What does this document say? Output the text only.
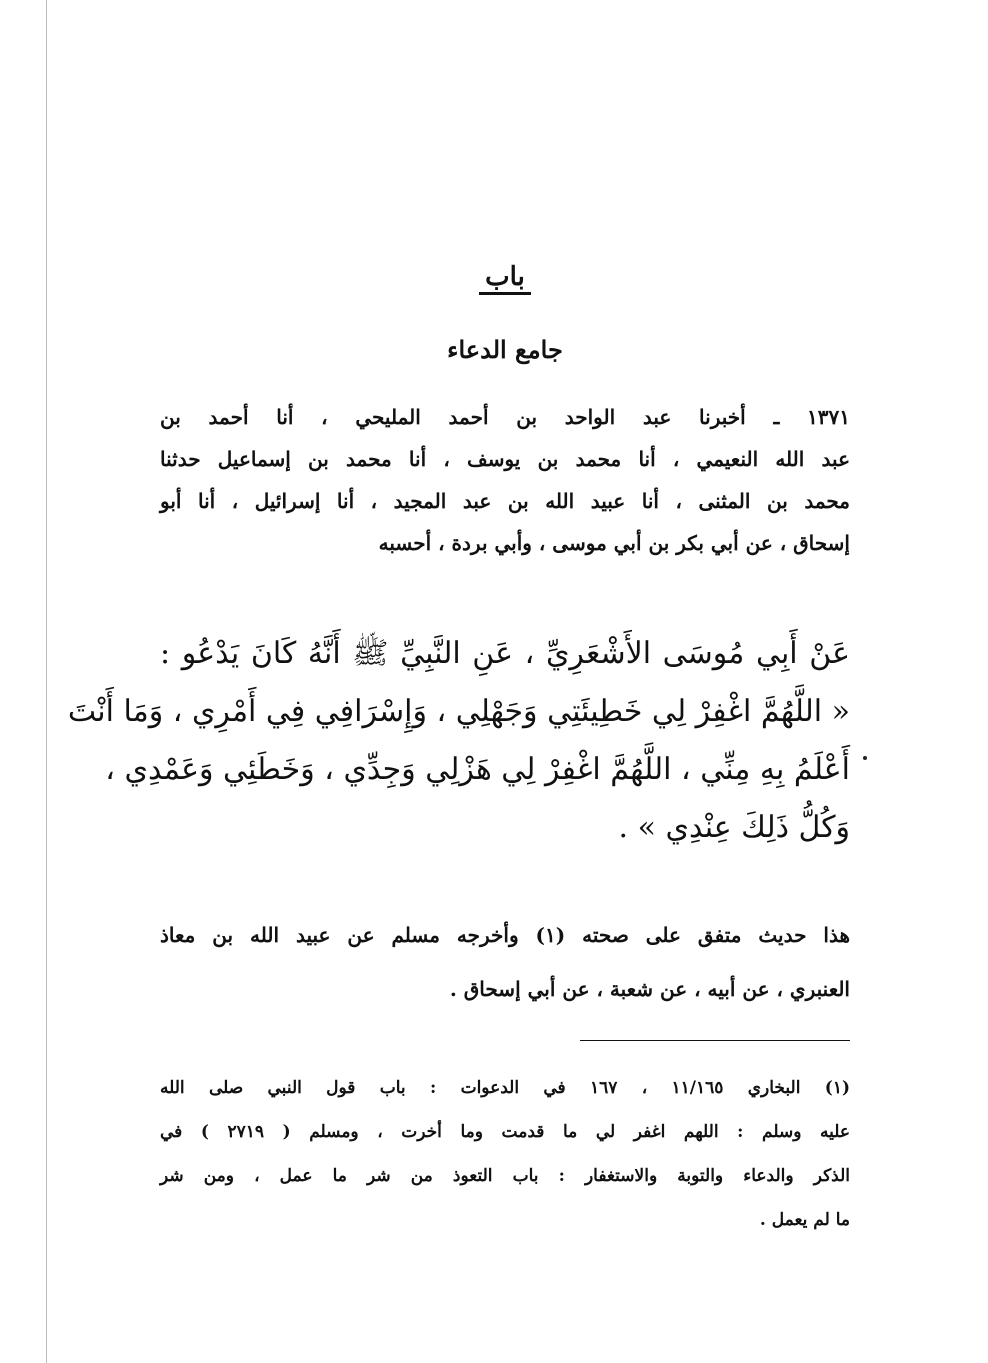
باب
جامع الدعاء
١٣٧١ ـ أخبرنا عبد الواحد بن أحمد المليحي ، أنا أحمد بن
عبد الله النعيمي ، أنا محمد بن يوسف ، أنا محمد بن إسماعيل حدثنا
محمد بن المثنى ، أنا عبيد الله بن عبد المجيد ، أنا إسرائيل ، أنا أبو
إسحاق ، عن أبي بكر بن أبي موسى ، وأبي بردة ، أحسبه
عَنْ أَبِي مُوسَى الأَشْعَرِيِّ ، عَنِ النَّبِيِّ ﷺ أَنَّهُ كَانَ يَدْعُو :
« اللَّهُمَّ اغْفِرْ لِي خَطِيئَتِي وَجَهْلِي ، وَإِسْرَافِي فِي أَمْرِي ، وَمَا أَنْتَ
أَعْلَمُ بِهِ مِنِّي ، اللَّهُمَّ اغْفِرْ لِي هَزْلِي وَجِدِّي ، وَخَطَئِي وَعَمْدِي ،
وَكُلُّ ذَلِكَ عِنْدِي » .
هذا حديث متفق على صحته (١) وأخرجه مسلم عن عبيد الله بن معاذ
العنبري ، عن أبيه ، عن شعبة ، عن أبي إسحاق .
(١) البخاري ١١/١٦٥ ، ١٦٧ في الدعوات : باب قول النبي صلى الله
عليه وسلم : اللهم اغفر لي ما قدمت وما أخرت ، ومسلم ( ٢٧١٩ ) في
الذكر والدعاء والتوبة والاستغفار : باب التعوذ من شر ما عمل ، ومن شر
ما لم يعمل .
